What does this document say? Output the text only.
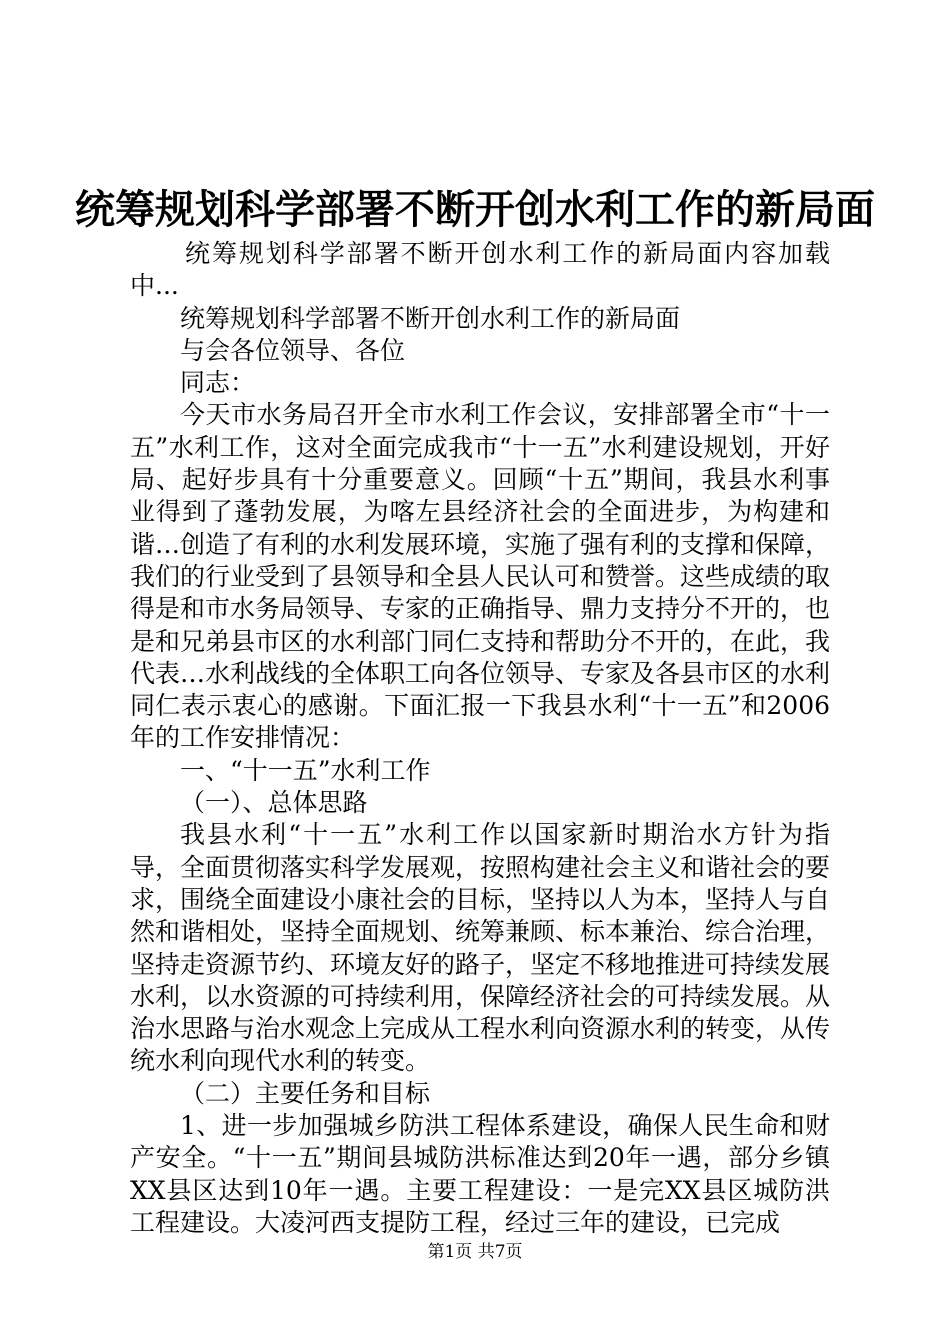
统筹规划科学部署不断开创水利工作的新局面

统筹规划科学部署不断开创水利工作的新局面内容加载中...

统筹规划科学部署不断开创水利工作的新局面

与会各位领导、各位

同志：

今天市水务局召开全市水利工作会议，安排部署全市“十一五”水利工作，这对全面完成我市“十一五”水利建设规划，开好局、起好步具有十分重要意义。回顾“十五”期间，我县水利事业得到了蓬勃发展，为喀左县经济社会的全面进步，为构建和谐…创造了有利的水利发展环境，实施了强有利的支撑和保障，我们的行业受到了县领导和全县人民认可和赞誉。这些成绩的取得是和市水务局领导、专家的正确指导、鼎力支持分不开的，也是和兄弟县市区的水利部门同仁支持和帮助分不开的，在此，我代表…水利战线的全体职工向各位领导、专家及各县市区的水利同仁表示衷心的感谢。下面汇报一下我县水利“十一五”和2006年的工作安排情况：

一、“十一五”水利工作

（一）、总体思路

我县水利“十一五”水利工作以国家新时期治水方针为指导，全面贯彻落实科学发展观，按照构建社会主义和谐社会的要求，围绕全面建设小康社会的目标，坚持以人为本，坚持人与自然和谐相处，坚持全面规划、统筹兼顾、标本兼治、综合治理，坚持走资源节约、环境友好的路子，坚定不移地推进可持续发展水利，以水资源的可持续利用，保障经济社会的可持续发展。从治水思路与治水观念上完成从工程水利向资源水利的转变，从传统水利向现代水利的转变。

（二）主要任务和目标

1、进一步加强城乡防洪工程体系建设，确保人民生命和财产安全。“十一五”期间县城防洪标准达到20年一遇，部分乡镇XX县区达到10年一遇。主要工程建设：一是完XX县区城防洪工程建设。大凌河西支提防工程，经过三年的建设，已完成

第1页 共7页
